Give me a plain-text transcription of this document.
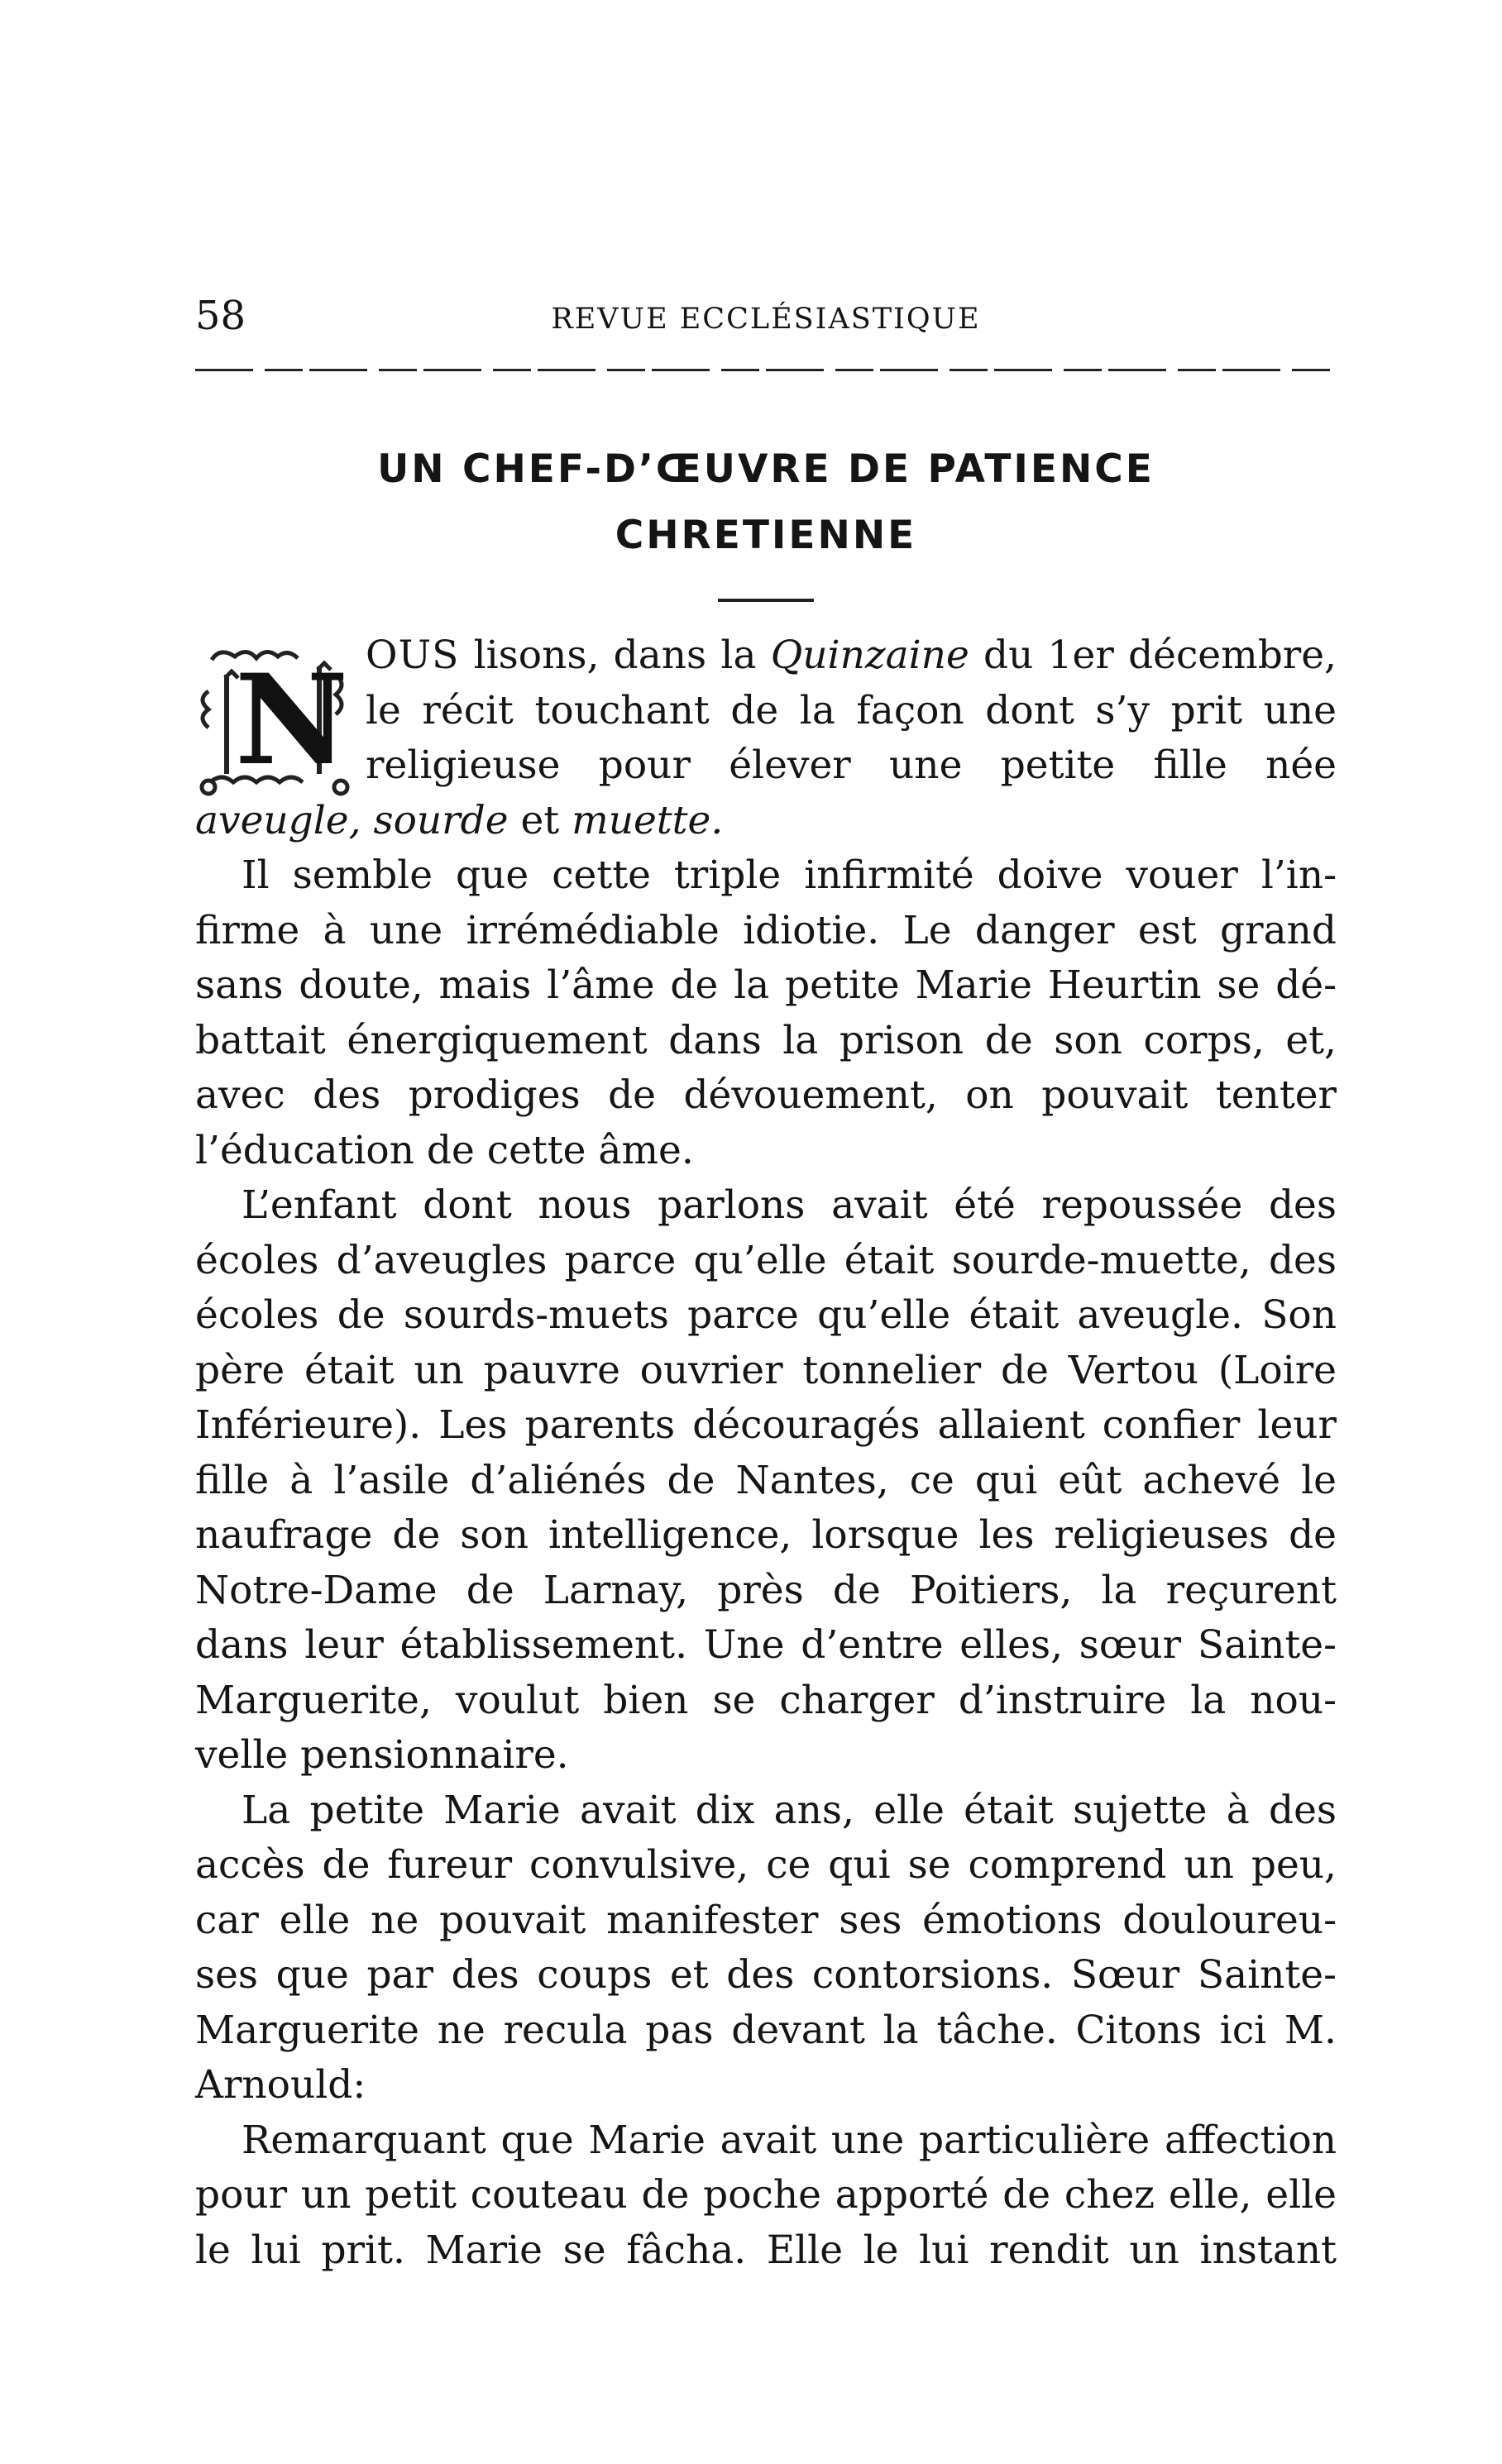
58	REVUE ECCLÉSIASTIQUE
UN CHEF-D’ŒUVRE DE PATIENCE
CHRETIENNE
N OUS lisons, dans la Quinzaine du 1er décembre,
le récit touchant de la façon dont s’y prit une
religieuse pour élever une petite fille née
aveugle, sourde et muette.
Il semble que cette triple infirmité doive vouer l’in-
firme à une irrémédiable idiotie. Le danger est grand
sans doute, mais l’âme de la petite Marie Heurtin se dé-
battait énergiquement dans la prison de son corps, et,
avec des prodiges de dévouement, on pouvait tenter
l’éducation de cette âme.
L’enfant dont nous parlons avait été repoussée des
écoles d’aveugles parce qu’elle était sourde-muette, des
écoles de sourds-muets parce qu’elle était aveugle. Son
père était un pauvre ouvrier tonnelier de Vertou (Loire
Inférieure). Les parents découragés allaient confier leur
fille à l’asile d’aliénés de Nantes, ce qui eût achevé le
naufrage de son intelligence, lorsque les religieuses de
Notre-Dame de Larnay, près de Poitiers, la reçurent
dans leur établissement. Une d’entre elles, sœur Sainte-
Marguerite, voulut bien se charger d’instruire la nou-
velle pensionnaire.
La petite Marie avait dix ans, elle était sujette à des
accès de fureur convulsive, ce qui se comprend un peu,
car elle ne pouvait manifester ses émotions douloureu-
ses que par des coups et des contorsions. Sœur Sainte-
Marguerite ne recula pas devant la tâche. Citons ici M.
Arnould:
Remarquant que Marie avait une particulière affection
pour un petit couteau de poche apporté de chez elle, elle
le lui prit. Marie se fâcha. Elle le lui rendit un instant
